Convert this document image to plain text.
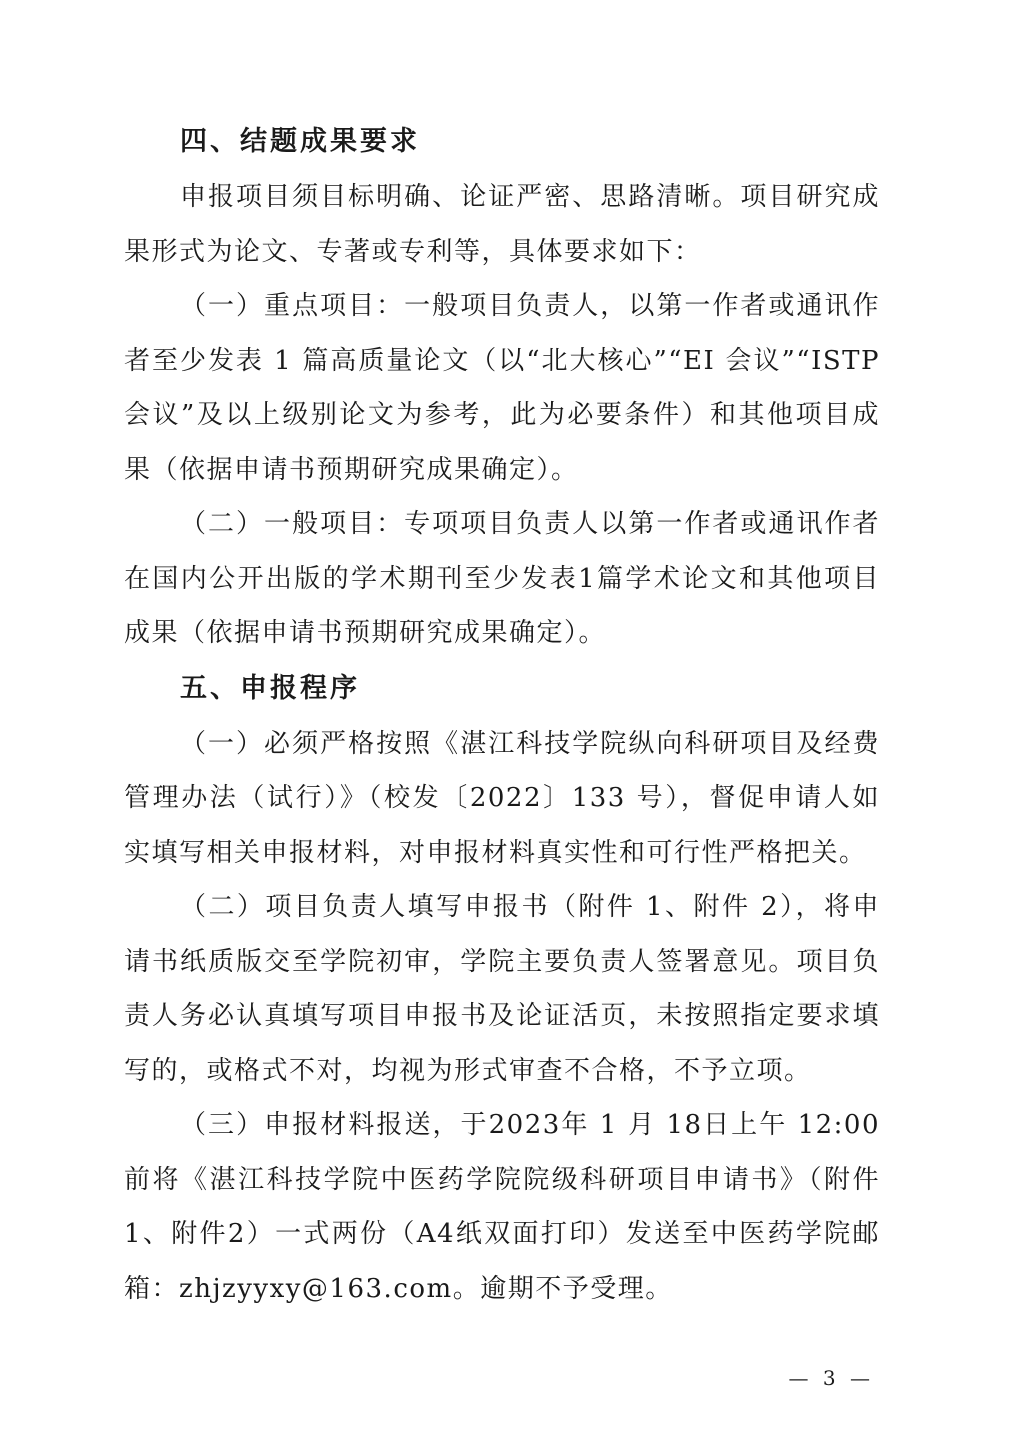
四、结题成果要求

申报项目须目标明确、论证严密、思路清晰。项目研究成果形式为论文、专著或专利等，具体要求如下：

（一）重点项目：一般项目负责人，以第一作者或通讯作者至少发表 1 篇高质量论文（以“北大核心”“EI 会议”“ISTP会议”及以上级别论文为参考，此为必要条件）和其他项目成果（依据申请书预期研究成果确定）。

（二）一般项目：专项项目负责人以第一作者或通讯作者在国内公开出版的学术期刊至少发表1篇学术论文和其他项目成果（依据申请书预期研究成果确定）。

五、申报程序

（一）必须严格按照《湛江科技学院纵向科研项目及经费管理办法（试行）》（校发〔2022〕133 号），督促申请人如实填写相关申报材料，对申报材料真实性和可行性严格把关。

（二）项目负责人填写申报书（附件 1、附件 2），将申请书纸质版交至学院初审，学院主要负责人签署意见。项目负责人务必认真填写项目申报书及论证活页，未按照指定要求填写的，或格式不对，均视为形式审查不合格，不予立项。

（三）申报材料报送，于2023年 1 月 18日上午 12:00 前将《湛江科技学院中医药学院院级科研项目申请书》（附件1、附件2）一式两份（A4纸双面打印）发送至中医药学院邮箱：zhjzyyxy@163.com。逾期不予受理。

— 3 —
